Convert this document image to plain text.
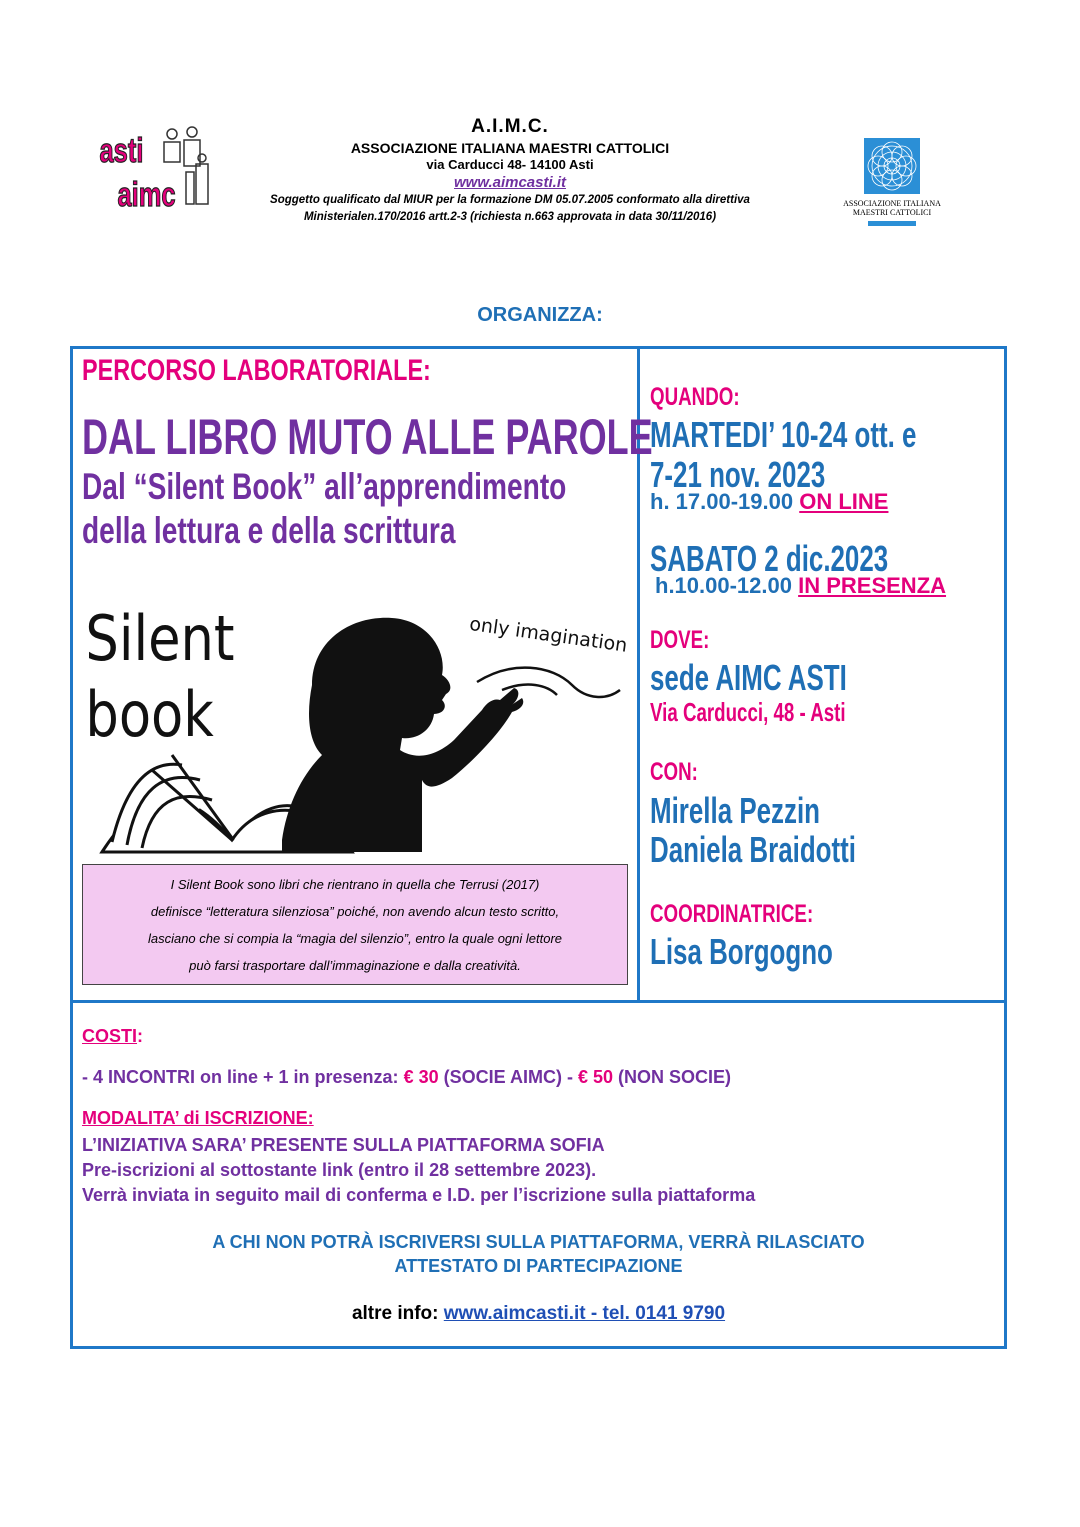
asti
aimc
A.I.M.C.
ASSOCIAZIONE ITALIANA MAESTRI CATTOLICI
via Carducci 48- 14100 Asti
www.aimcasti.it
Soggetto qualificato dal MIUR per la formazione DM 05.07.2005 conformato alla direttiva
Ministerialen.170/2016 artt.2-3 (richiesta n.663 approvata in data 30/11/2016)
ASSOCIAZIONE ITALIANA
MAESTRI CATTOLICI
ORGANIZZA:
PERCORSO LABORATORIALE:
DAL LIBRO MUTO ALLE PAROLE
Dal “Silent Book” all’apprendimento
della lettura e della scrittura
Silent
book
only imagination
I Silent Book sono libri che rientrano in quella che Terrusi (2017)
definisce “letteratura silenziosa” poiché, non avendo alcun testo scritto,
lasciano che si compia la “magia del silenzio”, entro la quale ogni lettore
può farsi trasportare dall’immaginazione e dalla creatività.
QUANDO:
MARTEDI’ 10-24 ott. e
7-21 nov. 2023
h. 17.00-19.00 ON LINE
SABATO 2 dic.2023
h.10.00-12.00 IN PRESENZA
DOVE:
sede AIMC ASTI
Via Carducci, 48 - Asti
CON:
Mirella Pezzin
Daniela Braidotti
COORDINATRICE:
Lisa Borgogno
COSTI:
- 4 INCONTRI on line + 1 in presenza: € 30 (SOCIE AIMC) - € 50 (NON SOCIE)
MODALITA’ di ISCRIZIONE:
L’INIZIATIVA SARA’ PRESENTE SULLA PIATTAFORMA SOFIA
Pre-iscrizioni al sottostante link (entro il 28 settembre 2023).
Verrà inviata in seguito mail di conferma e I.D. per l’iscrizione sulla piattaforma
A CHI NON POTRÀ ISCRIVERSI SULLA PIATTAFORMA, VERRÀ RILASCIATO
ATTESTATO DI PARTECIPAZIONE
altre info: www.aimcasti.it - tel. 0141 9790
